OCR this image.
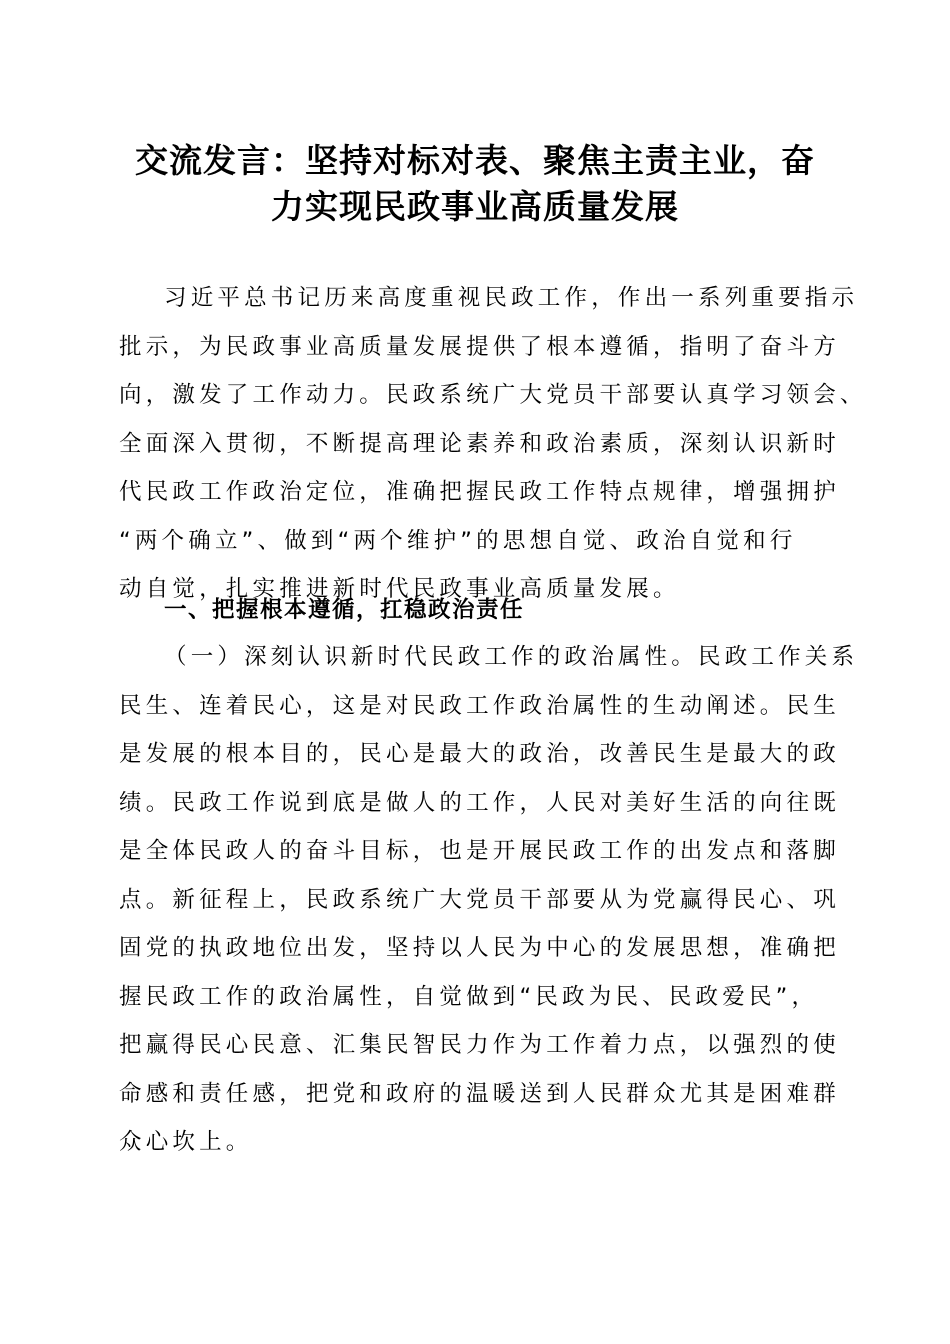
交流发言：坚持对标对表、聚焦主责主业，奋
力实现民政事业高质量发展

习近平总书记历来高度重视民政工作，作出一系列重要指示
批示，为民政事业高质量发展提供了根本遵循，指明了奋斗方
向，激发了工作动力。民政系统广大党员干部要认真学习领会、
全面深入贯彻，不断提高理论素养和政治素质，深刻认识新时
代民政工作政治定位，准确把握民政工作特点规律，增强拥护
“两个确立”、做到“两个维护”的思想自觉、政治自觉和行
动自觉，扎实推进新时代民政事业高质量发展。

一、把握根本遵循，扛稳政治责任

（一）深刻认识新时代民政工作的政治属性。民政工作关系
民生、连着民心，这是对民政工作政治属性的生动阐述。民生
是发展的根本目的，民心是最大的政治，改善民生是最大的政
绩。民政工作说到底是做人的工作，人民对美好生活的向往既
是全体民政人的奋斗目标，也是开展民政工作的出发点和落脚
点。新征程上，民政系统广大党员干部要从为党赢得民心、巩
固党的执政地位出发，坚持以人民为中心的发展思想，准确把
握民政工作的政治属性，自觉做到“民政为民、民政爱民”，
把赢得民心民意、汇集民智民力作为工作着力点，以强烈的使
命感和责任感，把党和政府的温暖送到人民群众尤其是困难群
众心坎上。
